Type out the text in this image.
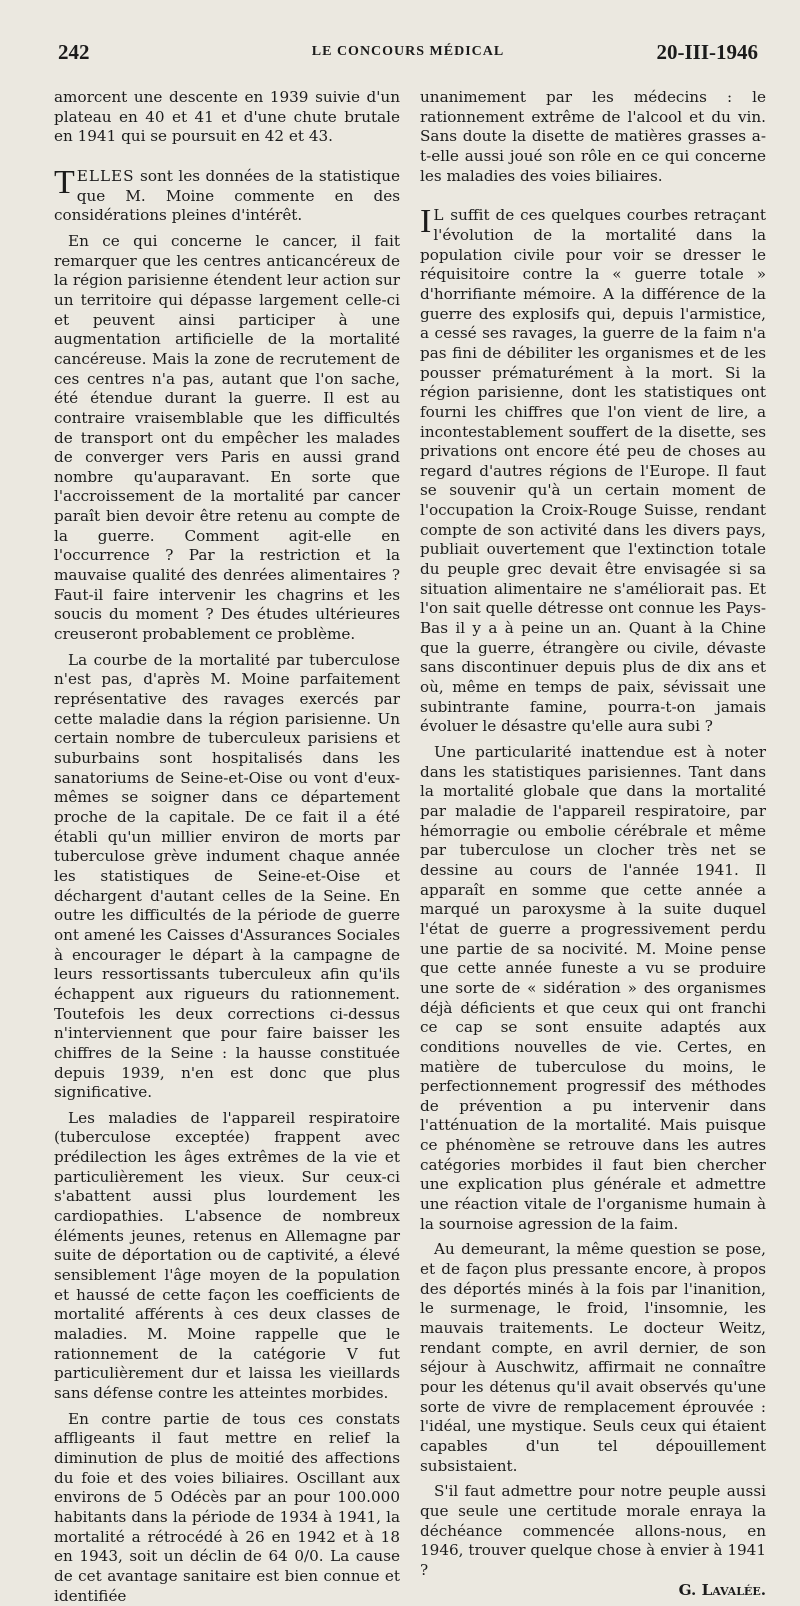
242	LE CONCOURS MÉDICAL	20-III-1946

amorcent une descente en 1939 suivie d'un plateau en 40 et 41 et d'une chute brutale en 1941 qui se poursuit en 42 et 43.

TELLES sont les données de la statistique que M. Moine commente en des considérations pleines d'intérêt.

En ce qui concerne le cancer, il fait remarquer que les centres anticancéreux de la région parisienne étendent leur action sur un territoire qui dépasse largement celle-ci et peuvent ainsi participer à une augmentation artificielle de la mortalité cancéreuse. Mais la zone de recrutement de ces centres n'a pas, autant que l'on sache, été étendue durant la guerre. Il est au contraire vraisemblable que les difficultés de transport ont du empêcher les malades de converger vers Paris en aussi grand nombre qu'auparavant. En sorte que l'accroissement de la mortalité par cancer paraît bien devoir être retenu au compte de la guerre. Comment agit-elle en l'occurrence ? Par la restriction et la mauvaise qualité des denrées alimentaires ? Faut-il faire intervenir les chagrins et les soucis du moment ? Des études ultérieures creuseront probablement ce problème.

La courbe de la mortalité par tuberculose n'est pas, d'après M. Moine parfaitement représentative des ravages exercés par cette maladie dans la région parisienne. Un certain nombre de tuberculeux parisiens et suburbains sont hospitalisés dans les sanatoriums de Seine-et-Oise ou vont d'eux-mêmes se soigner dans ce département proche de la capitale. De ce fait il a été établi qu'un millier environ de morts par tuberculose grève indument chaque année les statistiques de Seine-et-Oise et déchargent d'autant celles de la Seine. En outre les difficultés de la période de guerre ont amené les Caisses d'Assurances Sociales à encourager le départ à la campagne de leurs ressortissants tuberculeux afin qu'ils échappent aux rigueurs du rationnement. Toutefois les deux corrections ci-dessus n'interviennent que pour faire baisser les chiffres de la Seine : la hausse constituée depuis 1939, n'en est donc que plus significative.

Les maladies de l'appareil respiratoire (tuberculose exceptée) frappent avec prédilection les âges extrêmes de la vie et particulièrement les vieux. Sur ceux-ci s'abattent aussi plus lourdement les cardiopathies. L'absence de nombreux éléments jeunes, retenus en Allemagne par suite de déportation ou de captivité, a élevé sensiblement l'âge moyen de la population et haussé de cette façon les coefficients de mortalité afférents à ces deux classes de maladies. M. Moine rappelle que le rationnement de la catégorie V fut particulièrement dur et laissa les vieillards sans défense contre les atteintes morbides.

En contre partie de tous ces constats affligeants il faut mettre en relief la diminution de plus de moitié des affections du foie et des voies biliaires. Oscillant aux environs de 5 Odécès par an pour 100.000 habitants dans la période de 1934 à 1941, la mortalité a rétrocédé à 26 en 1942 et à 18 en 1943, soit un déclin de 64 0/0. La cause de cet avantage sanitaire est bien connue et identifiée

unanimement par les médecins : le rationnement extrême de l'alcool et du vin. Sans doute la disette de matières grasses a-t-elle aussi joué son rôle en ce qui concerne les maladies des voies biliaires.

I L suffit de ces quelques courbes retraçant l'évolution de la mortalité dans la population civile pour voir se dresser le réquisitoire contre la « guerre totale » d'horrifiante mémoire. A la différence de la guerre des explosifs qui, depuis l'armistice, a cessé ses ravages, la guerre de la faim n'a pas fini de débiliter les organismes et de les pousser prématurément à la mort. Si la région parisienne, dont les statistiques ont fourni les chiffres que l'on vient de lire, a incontestablement souffert de la disette, ses privations ont encore été peu de choses au regard d'autres régions de l'Europe. Il faut se souvenir qu'à un certain moment de l'occupation la Croix-Rouge Suisse, rendant compte de son activité dans les divers pays, publiait ouvertement que l'extinction totale du peuple grec devait être envisagée si sa situation alimentaire ne s'améliorait pas. Et l'on sait quelle détresse ont connue les Pays-Bas il y a à peine un an. Quant à la Chine que la guerre, étrangère ou civile, dévaste sans discontinuer depuis plus de dix ans et où, même en temps de paix, sévissait une subintrante famine, pourra-t-on jamais évoluer le désastre qu'elle aura subi ?

Une particularité inattendue est à noter dans les statistiques parisiennes. Tant dans la mortalité globale que dans la mortalité par maladie de l'appareil respiratoire, par hémorragie ou embolie cérébrale et même par tuberculose un clocher très net se dessine au cours de l'année 1941. Il apparaît en somme que cette année a marqué un paroxysme à la suite duquel l'état de guerre a progressivement perdu une partie de sa nocivité. M. Moine pense que cette année funeste a vu se produire une sorte de « sidération » des organismes déjà déficients et que ceux qui ont franchi ce cap se sont ensuite adaptés aux conditions nouvelles de vie. Certes, en matière de tuberculose du moins, le perfectionnement progressif des méthodes de prévention a pu intervenir dans l'atténuation de la mortalité. Mais puisque ce phénomène se retrouve dans les autres catégories morbides il faut bien chercher une explication plus générale et admettre une réaction vitale de l'organisme humain à la sournoise agression de la faim.

Au demeurant, la même question se pose, et de façon plus pressante encore, à propos des déportés minés à la fois par l'inanition, le surmenage, le froid, l'insomnie, les mauvais traitements. Le docteur Weitz, rendant compte, en avril dernier, de son séjour à Auschwitz, affirmait ne connaître pour les détenus qu'il avait observés qu'une sorte de vivre de remplacement éprouvée : l'idéal, une mystique. Seuls ceux qui étaient capables d'un tel dépouillement subsistaient.

S'il faut admettre pour notre peuple aussi que seule une certitude morale enraya la déchéance commencée allons-nous, en 1946, trouver quelque chose à envier à 1941 ?

G. Lavalée.
